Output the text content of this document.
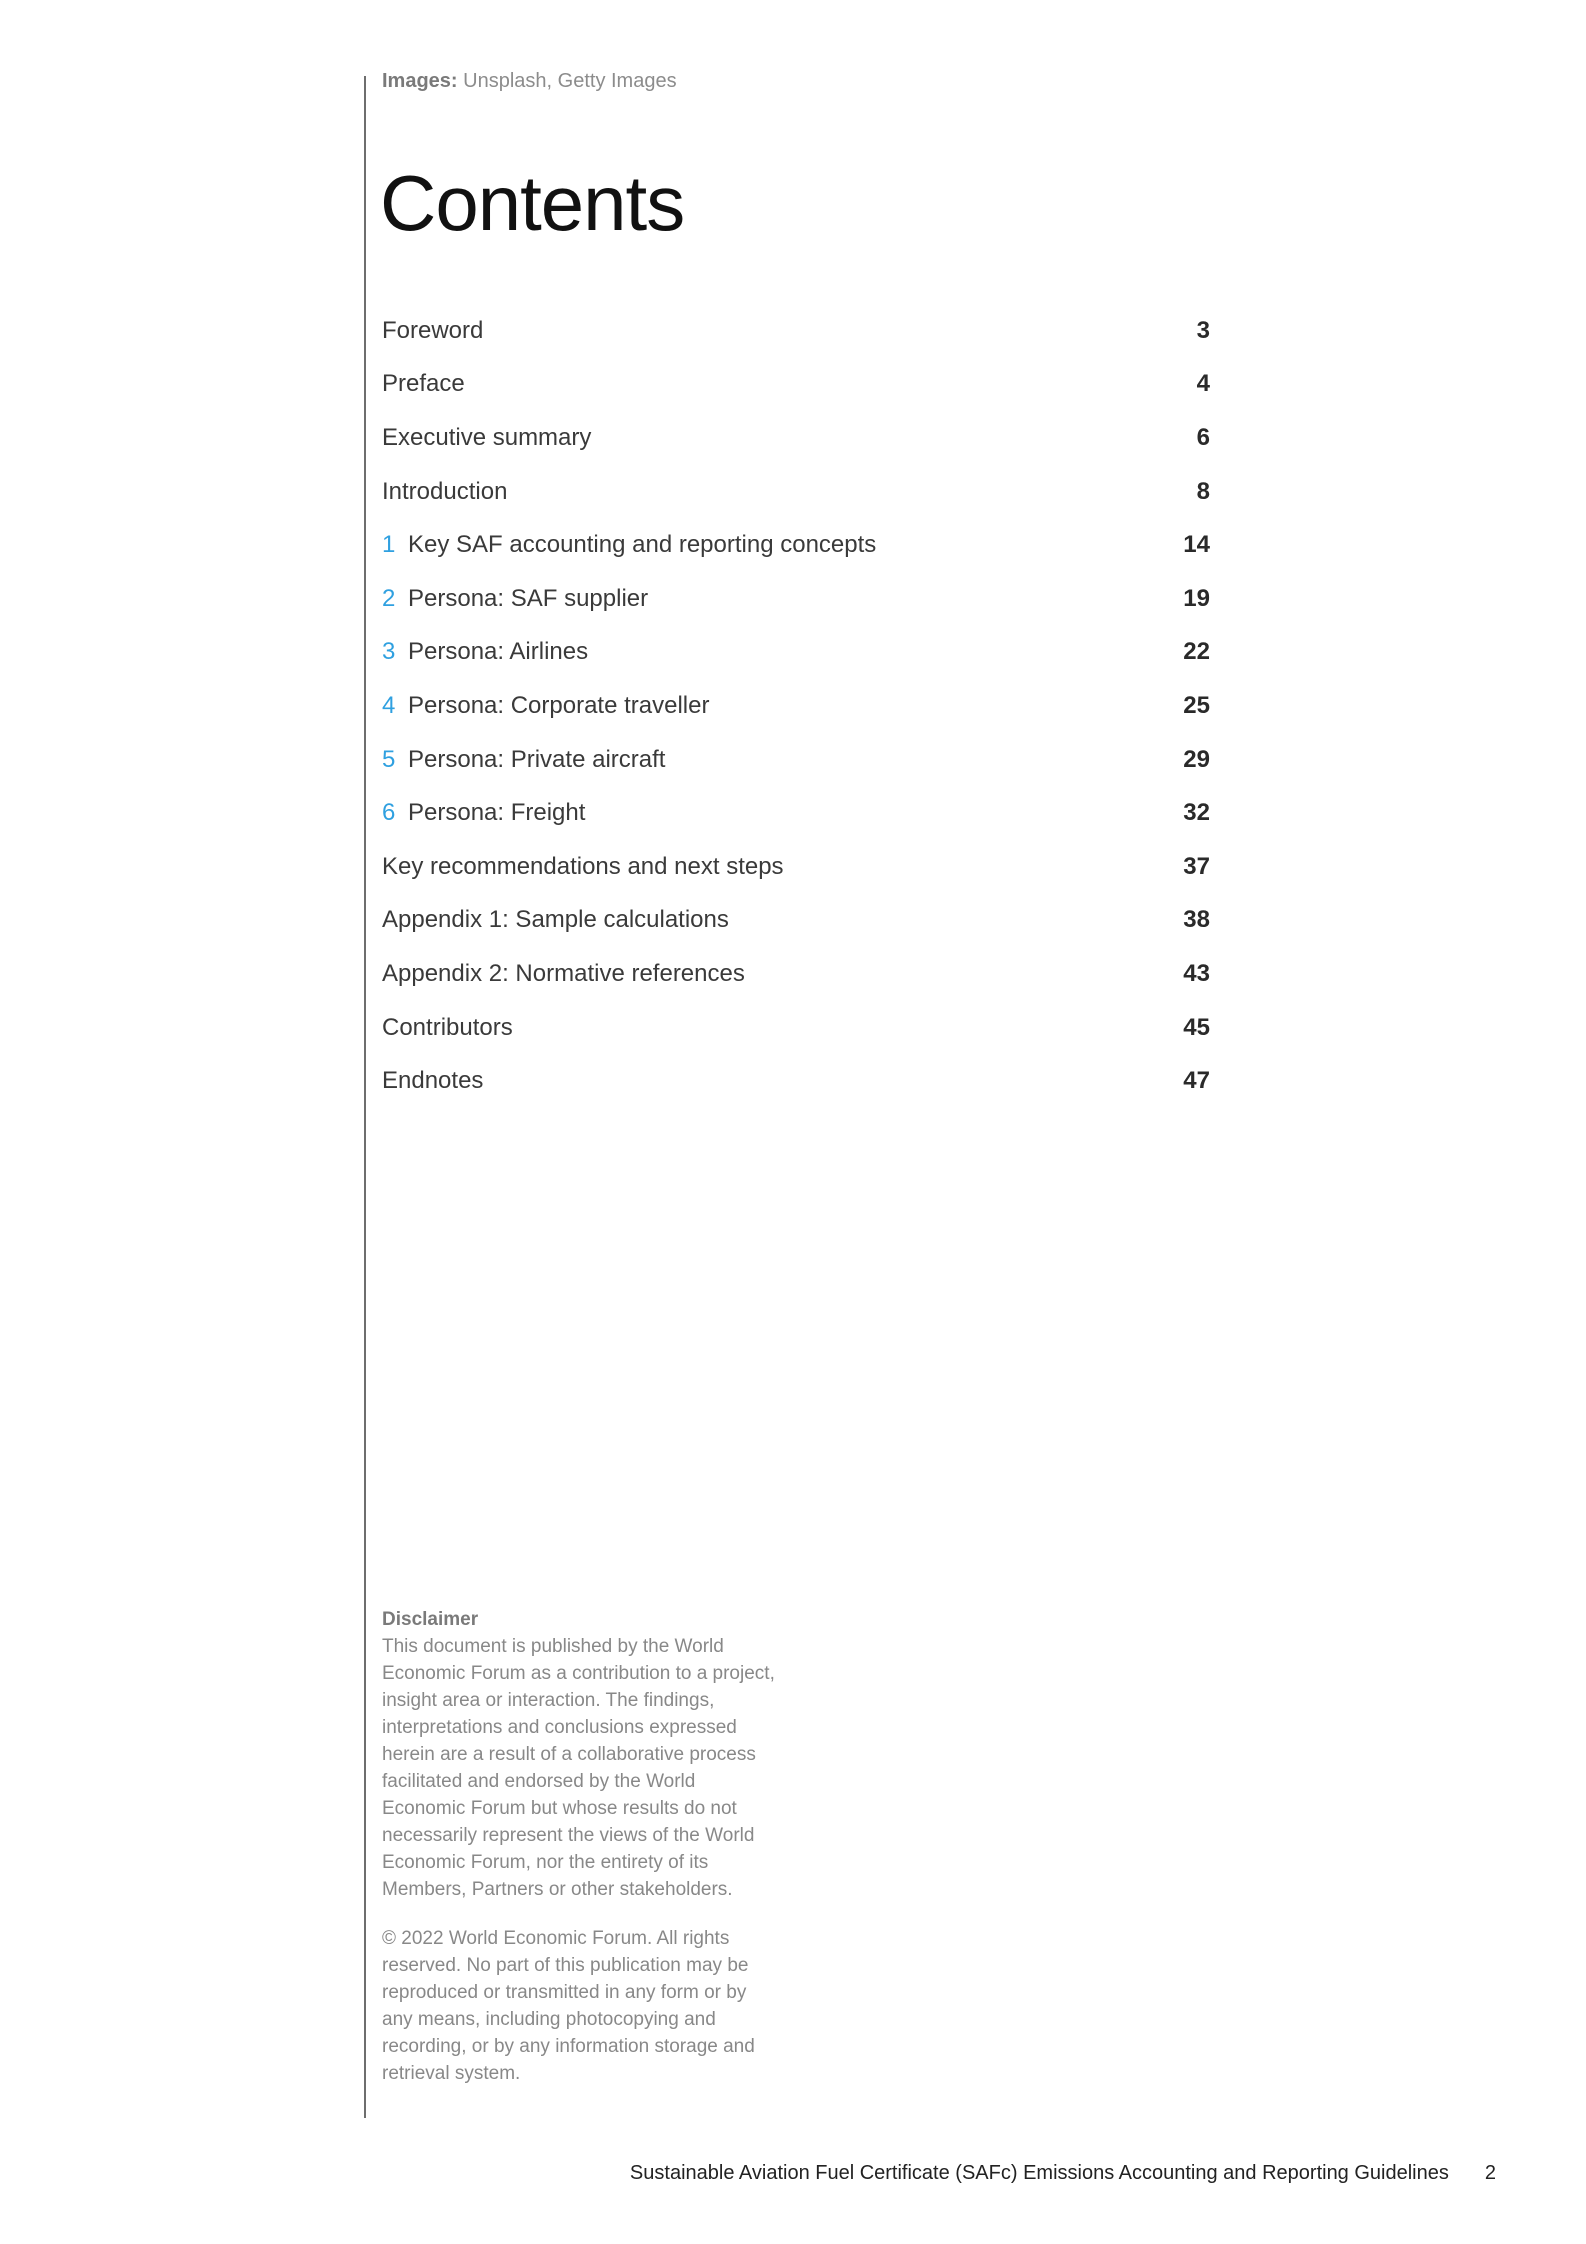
Images: Unsplash, Getty Images
Contents
Foreword	3
Preface	4
Executive summary	6
Introduction	8
1 Key SAF accounting and reporting concepts	14
2 Persona: SAF supplier	19
3 Persona: Airlines	22
4 Persona: Corporate traveller	25
5 Persona: Private aircraft	29
6 Persona: Freight	32
Key recommendations and next steps	37
Appendix 1: Sample calculations	38
Appendix 2: Normative references	43
Contributors	45
Endnotes	47
Disclaimer
This document is published by the World Economic Forum as a contribution to a project, insight area or interaction. The findings, interpretations and conclusions expressed herein are a result of a collaborative process facilitated and endorsed by the World Economic Forum but whose results do not necessarily represent the views of the World Economic Forum, nor the entirety of its Members, Partners or other stakeholders.
© 2022 World Economic Forum. All rights reserved. No part of this publication may be reproduced or transmitted in any form or by any means, including photocopying and recording, or by any information storage and retrieval system.
Sustainable Aviation Fuel Certificate (SAFc) Emissions Accounting and Reporting Guidelines 2
